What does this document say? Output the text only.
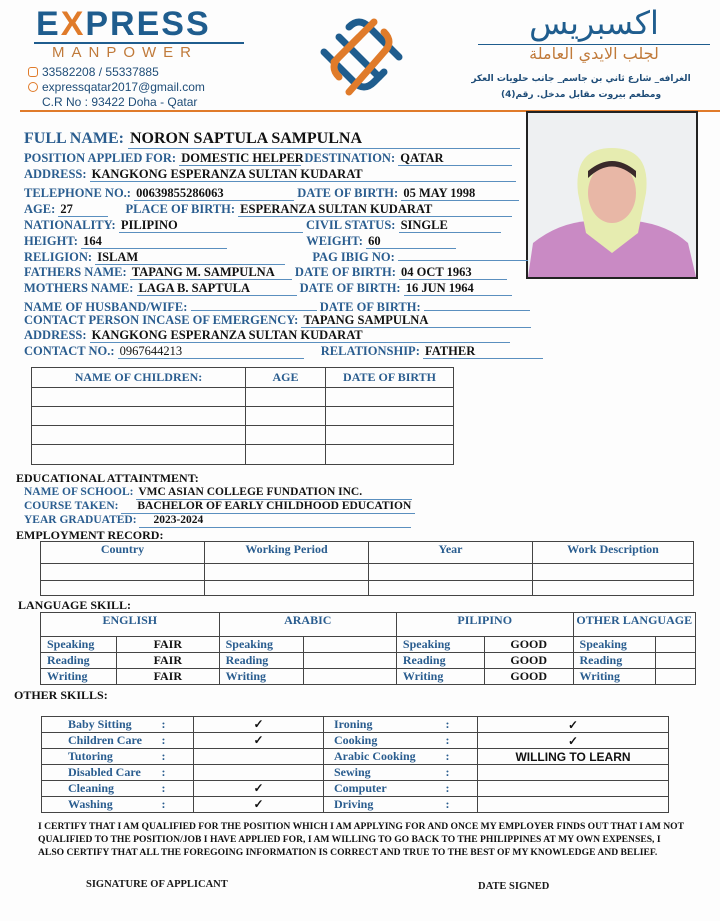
EXPRESS
MANPOWER
33582208 / 55337885
expressqatar2017@gmail.com
C.R No : 93422 Doha - Qatar
اكسبريس
لجلب الايدي العاملة
الغرافه_ شارع ثاني بن جاسم_ جانب حلويات العكر
ومطعم بيروت مقابل مدخل. رقم(4)
FULL NAME: NORON SAPTULA SAMPULNA
POSITION APPLIED FOR: DOMESTIC HELPER DESTINATION: QATAR
ADDRESS: KANGKONG ESPERANZA SULTAN KUDARAT
TELEPHONE NO.: 00639855286063	DATE OF BIRTH: 05 MAY 1998
AGE: 27	PLACE OF BIRTH: ESPERANZA SULTAN KUDARAT
NATIONALITY: PILIPINO	CIVIL STATUS: SINGLE
HEIGHT: 164	WEIGHT: 60
RELIGION: ISLAM	PAG IBIG NO:
FATHERS NAME: TAPANG M. SAMPULNA DATE OF BIRTH: 04 OCT 1963
MOTHERS NAME: LAGA B. SAPTULA	DATE OF BIRTH: 16 JUN 1964
NAME OF HUSBAND/WIFE:	DATE OF BIRTH:
CONTACT PERSON INCASE OF EMERGENCY: TAPANG SAMPULNA
ADDRESS: KANGKONG ESPERANZA SULTAN KUDARAT
CONTACT NO.: 0967644213	RELATIONSHIP: FATHER
NAME OF CHILDREN:	AGE	DATE OF BIRTH

EDUCATIONAL ATTAINTMENT:
NAME OF SCHOOL: VMC ASIAN COLLEGE FUNDATION INC.
COURSE TAKEN: BACHELOR OF EARLY CHILDHOOD EDUCATION
YEAR GRADUATED: 2023-2024
EMPLOYMENT RECORD:
Country	Working Period	Year	Work Description

LANGUAGE SKILL:
ENGLISH		ARABIC		PILIPINO		OTHER LANGUAGE	
Speaking	FAIR	Speaking		Speaking	GOOD	Speaking	
Reading	FAIR	Reading		Reading	GOOD	Reading	
Writing	FAIR	Writing		Writing	GOOD	Writing	
OTHER SKILLS:
Baby Sitting	:	✓	Ironing	:	✓
Children Care	:	✓	Cooking	:	✓
Tutoring	:		Arabic Cooking	:	WILLING TO LEARN
Disabled Care	:		Sewing	:	
Cleaning	:	✓	Computer	:	
Washing	:	✓	Driving	:	
I CERTIFY THAT I AM QUALIFIED FOR THE POSITION WHICH I AM APPLYING FOR AND ONCE MY EMPLOYER FINDS OUT THAT I AM NOT QUALIFIED TO THE POSITION/JOB I HAVE APPLIED FOR, I AM WILLING TO GO BACK TO THE PHILIPPINES AT MY OWN EXPENSES, I ALSO CERTIFY THAT ALL THE FOREGOING INFORMATION IS CORRECT AND TRUE TO THE BEST OF MY KNOWLEDGE AND BELIEF.
SIGNATURE OF APPLICANT	DATE SIGNED
